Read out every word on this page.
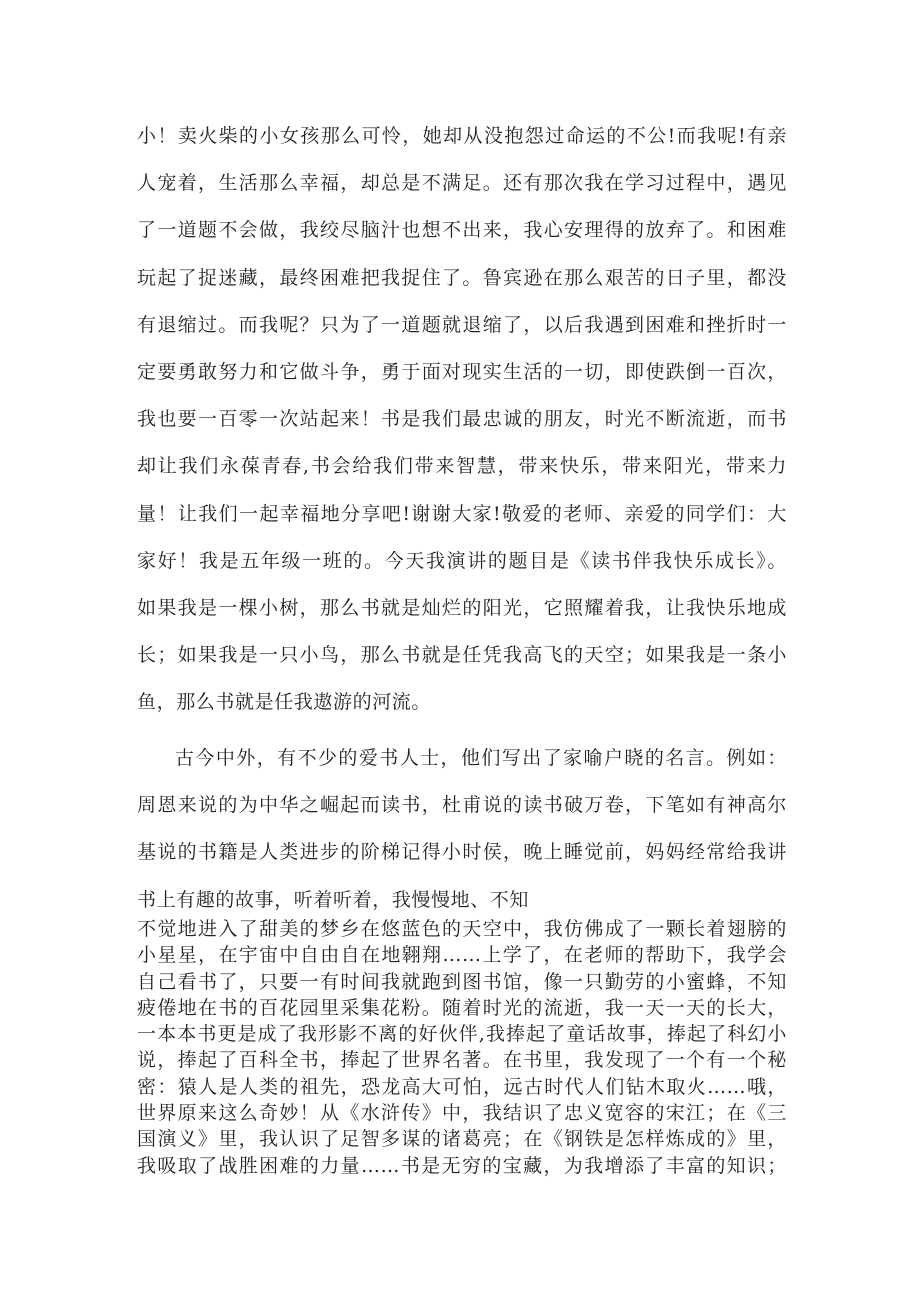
小！卖火柴的小女孩那么可怜，她却从没抱怨过命运的不公!而我呢!有亲
人宠着，生活那么幸福，却总是不满足。还有那次我在学习过程中，遇见
了一道题不会做，我绞尽脑汁也想不出来，我心安理得的放弃了。和困难
玩起了捉迷藏，最终困难把我捉住了。鲁宾逊在那么艰苦的日子里，都没
有退缩过。而我呢？只为了一道题就退缩了，以后我遇到困难和挫折时一
定要勇敢努力和它做斗争，勇于面对现实生活的一切，即使跌倒一百次，
我也要一百零一次站起来！书是我们最忠诚的朋友，时光不断流逝，而书
却让我们永葆青春,书会给我们带来智慧，带来快乐，带来阳光，带来力
量！让我们一起幸福地分享吧!谢谢大家!敬爱的老师、亲爱的同学们：大
家好！我是五年级一班的。今天我演讲的题目是《读书伴我快乐成长》。
如果我是一棵小树，那么书就是灿烂的阳光，它照耀着我，让我快乐地成
长；如果我是一只小鸟，那么书就是任凭我高飞的天空；如果我是一条小
鱼，那么书就是任我遨游的河流。
古今中外，有不少的爱书人士，他们写出了家喻户晓的名言。例如：
周恩来说的为中华之崛起而读书，杜甫说的读书破万卷，下笔如有神高尔
基说的书籍是人类进步的阶梯记得小时侯，晚上睡觉前，妈妈经常给我讲
书上有趣的故事，听着听着，我慢慢地、不知
不觉地进入了甜美的梦乡在悠蓝色的天空中，我仿佛成了一颗长着翅膀的
小星星，在宇宙中自由自在地翱翔……上学了，在老师的帮助下，我学会
自己看书了，只要一有时间我就跑到图书馆，像一只勤劳的小蜜蜂，不知
疲倦地在书的百花园里采集花粉。随着时光的流逝，我一天一天的长大，
一本本书更是成了我形影不离的好伙伴,我捧起了童话故事，捧起了科幻小
说，捧起了百科全书，捧起了世界名著。在书里，我发现了一个有一个秘
密：猿人是人类的祖先，恐龙高大可怕，远古时代人们钻木取火……哦，
世界原来这么奇妙！从《水浒传》中，我结识了忠义宽容的宋江；在《三
国演义》里，我认识了足智多谋的诸葛亮；在《钢铁是怎样炼成的》里，
我吸取了战胜困难的力量……书是无穷的宝藏，为我增添了丰富的知识；
